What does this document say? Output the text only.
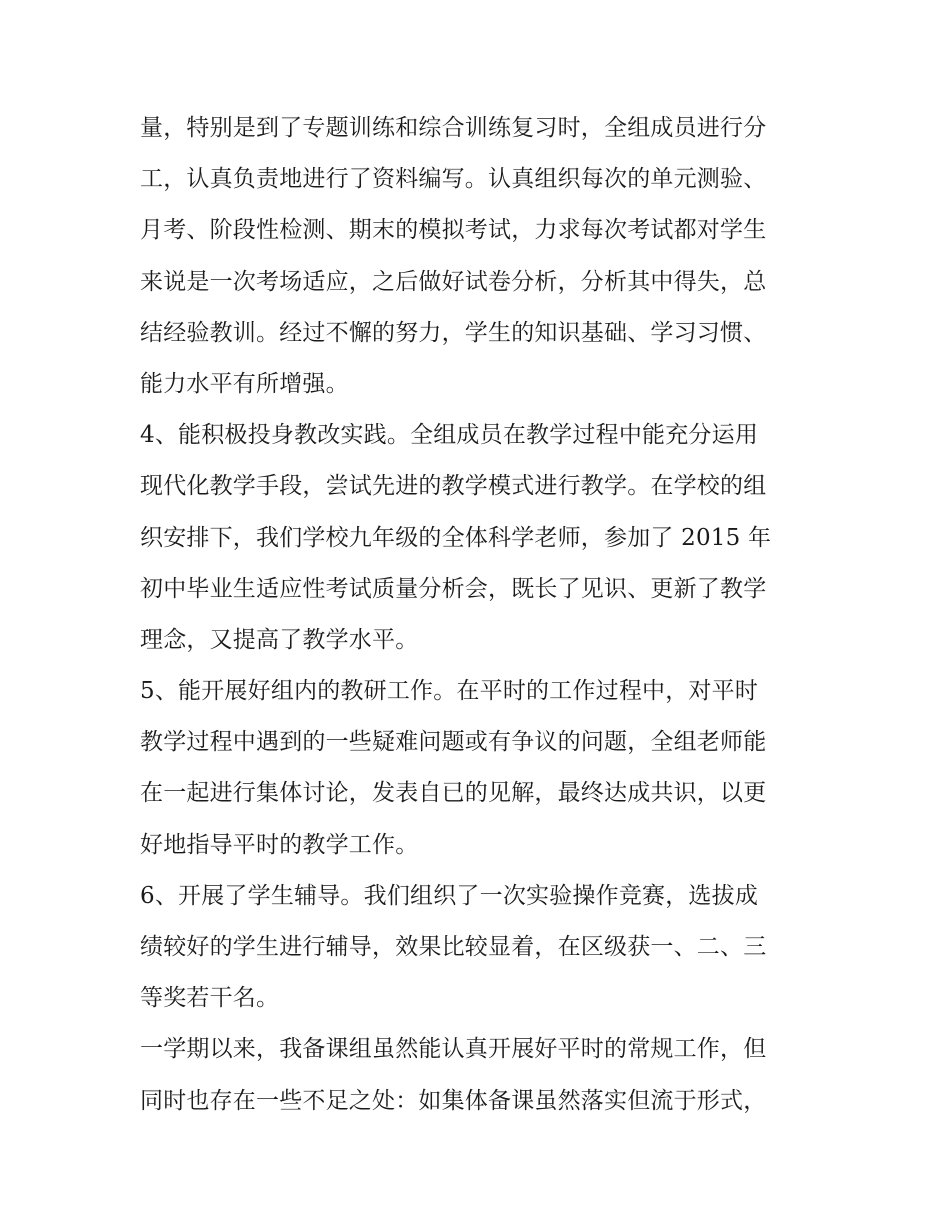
量，特别是到了专题训练和综合训练复习时，全组成员进行分
工，认真负责地进行了资料编写。认真组织每次的单元测验、
月考、阶段性检测、期末的模拟考试，力求每次考试都对学生
来说是一次考场适应，之后做好试卷分析，分析其中得失，总
结经验教训。经过不懈的努力，学生的知识基础、学习习惯、
能力水平有所增强。
4、能积极投身教改实践。全组成员在教学过程中能充分运用
现代化教学手段，尝试先进的教学模式进行教学。在学校的组
织安排下，我们学校九年级的全体科学老师，参加了 2015 年
初中毕业生适应性考试质量分析会，既长了见识、更新了教学
理念，又提高了教学水平。
5、能开展好组内的教研工作。在平时的工作过程中，对平时
教学过程中遇到的一些疑难问题或有争议的问题，全组老师能
在一起进行集体讨论，发表自已的见解，最终达成共识，以更
好地指导平时的教学工作。
6、开展了学生辅导。我们组织了一次实验操作竞赛，选拔成
绩较好的学生进行辅导，效果比较显着，在区级获一、二、三
等奖若干名。
一学期以来，我备课组虽然能认真开展好平时的常规工作，但
同时也存在一些不足之处：如集体备课虽然落实但流于形式，
